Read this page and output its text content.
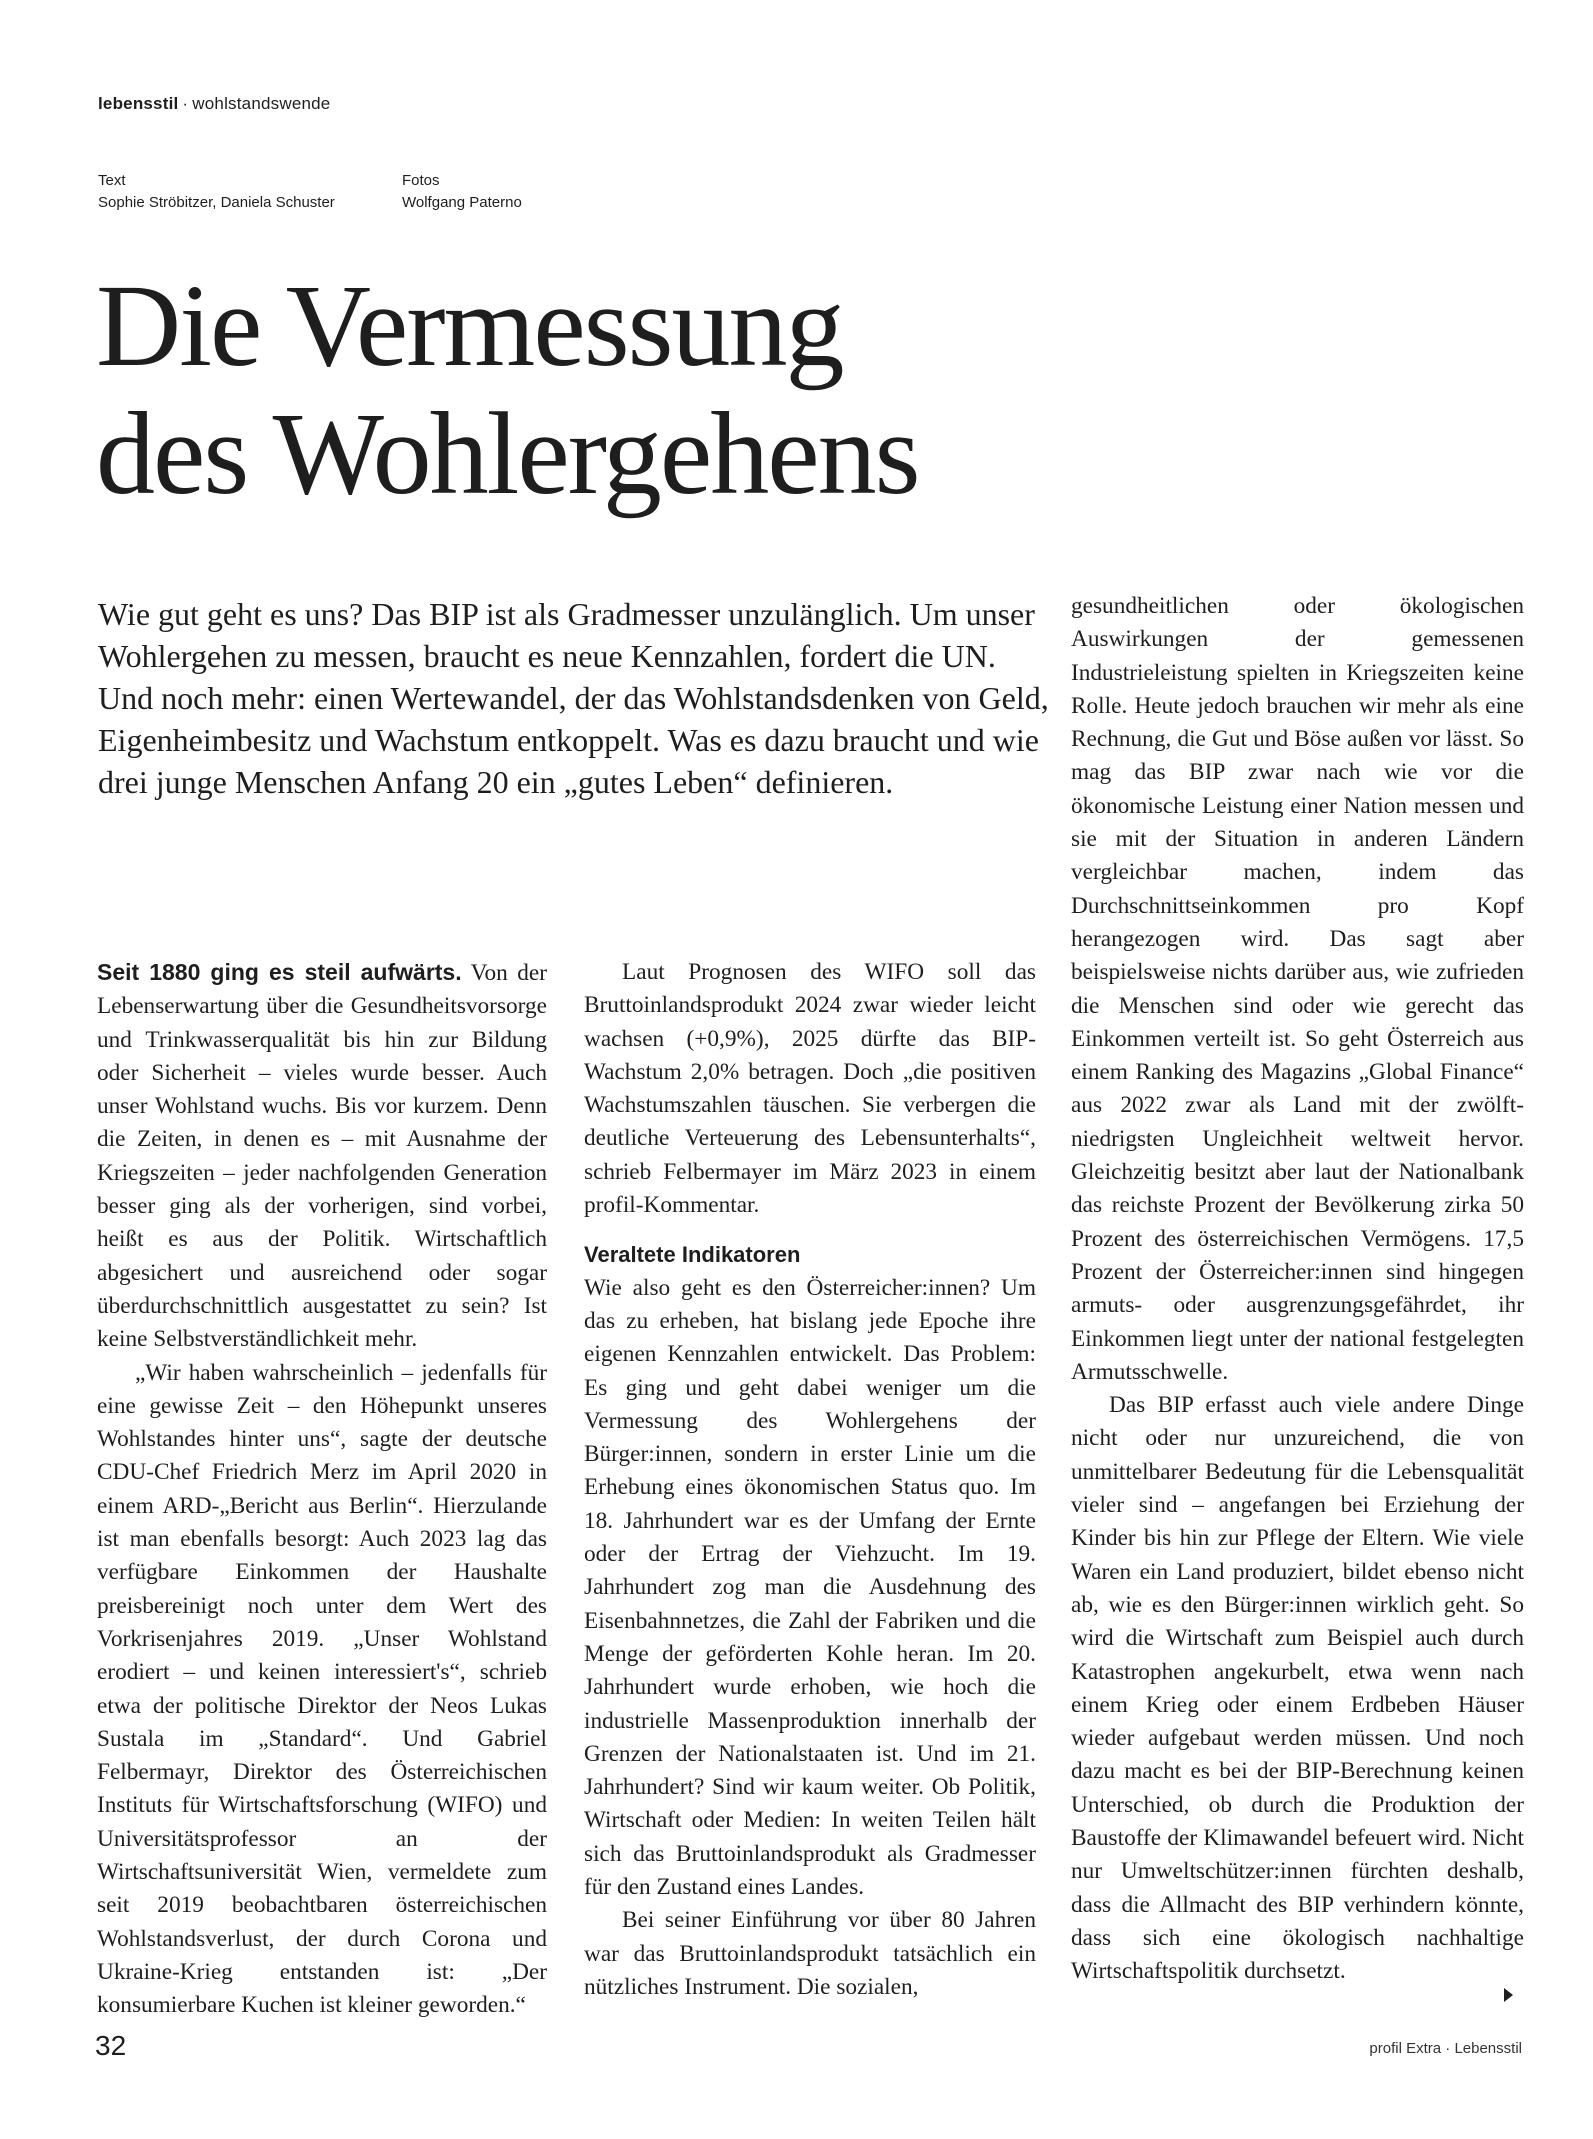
lebensstil · wohlstandswende
Text
Sophie Ströbitzer, Daniela Schuster
Fotos
Wolfgang Paterno
Die Vermessung
des Wohlergehens

Wie gut geht es uns? Das BIP ist als Gradmesser unzulänglich. Um unser Wohlergehen zu messen, braucht es neue Kennzahlen, fordert die UN. Und noch mehr: einen Wertewandel, der das Wohlstandsdenken von Geld, Eigenheimbesitz und Wachstum entkoppelt. Was es dazu braucht und wie drei junge Menschen Anfang 20 ein „gutes Leben“ definieren.

Seit 1880 ging es steil aufwärts. Von der Lebenserwartung über die Gesundheitsvorsorge und Trinkwasserqualität bis hin zur Bildung oder Sicherheit – vieles wurde besser. Auch unser Wohlstand wuchs. Bis vor kurzem. Denn die Zeiten, in denen es – mit Ausnahme der Kriegszeiten – jeder nachfolgenden Generation besser ging als der vorherigen, sind vorbei, heißt es aus der Politik. Wirtschaftlich abgesichert und ausreichend oder sogar überdurchschnittlich ausgestattet zu sein? Ist keine Selbstverständlichkeit mehr.

„Wir haben wahrscheinlich – jedenfalls für eine gewisse Zeit – den Höhepunkt unseres Wohlstandes hinter uns“, sagte der deutsche CDU-Chef Friedrich Merz im April 2020 in einem ARD-„Bericht aus Berlin“. Hierzulande ist man ebenfalls besorgt: Auch 2023 lag das verfügbare Einkommen der Haushalte preisbereinigt noch unter dem Wert des Vorkrisenjahres 2019. „Unser Wohlstand erodiert – und keinen interessiert's“, schrieb etwa der politische Direktor der Neos Lukas Sustala im „Standard“. Und Gabriel Felbermayr, Direktor des Österreichischen Instituts für Wirtschaftsforschung (WIFO) und Universitätsprofessor an der Wirtschaftsuniversität Wien, vermeldete zum seit 2019 beobachtbaren österreichischen Wohlstandsverlust, der durch Corona und Ukraine-Krieg entstanden ist: „Der konsumierbare Kuchen ist kleiner geworden.“

Laut Prognosen des WIFO soll das Bruttoinlandsprodukt 2024 zwar wieder leicht wachsen (+0,9%), 2025 dürfte das BIP-Wachstum 2,0% betragen. Doch „die positiven Wachstumszahlen täuschen. Sie verbergen die deutliche Verteuerung des Lebensunterhalts“, schrieb Felbermayer im März 2023 in einem profil-Kommentar.

Veraltete Indikatoren

Wie also geht es den Österreicher:innen? Um das zu erheben, hat bislang jede Epoche ihre eigenen Kennzahlen entwickelt. Das Problem: Es ging und geht dabei weniger um die Vermessung des Wohlergehens der Bürger:innen, sondern in erster Linie um die Erhebung eines ökonomischen Status quo. Im 18. Jahrhundert war es der Umfang der Ernte oder der Ertrag der Viehzucht. Im 19. Jahrhundert zog man die Ausdehnung des Eisenbahnnetzes, die Zahl der Fabriken und die Menge der geförderten Kohle heran. Im 20. Jahrhundert wurde erhoben, wie hoch die industrielle Massenproduktion innerhalb der Grenzen der Nationalstaaten ist. Und im 21. Jahrhundert? Sind wir kaum weiter. Ob Politik, Wirtschaft oder Medien: In weiten Teilen hält sich das Bruttoinlandsprodukt als Gradmesser für den Zustand eines Landes.

Bei seiner Einführung vor über 80 Jahren war das Bruttoinlandsprodukt tatsächlich ein nützliches Instrument. Die sozialen,

gesundheitlichen oder ökologischen Auswirkungen der gemessenen Industrieleistung spielten in Kriegszeiten keine Rolle. Heute jedoch brauchen wir mehr als eine Rechnung, die Gut und Böse außen vor lässt. So mag das BIP zwar nach wie vor die ökonomische Leistung einer Nation messen und sie mit der Situation in anderen Ländern vergleichbar machen, indem das Durchschnittseinkommen pro Kopf herangezogen wird. Das sagt aber beispielsweise nichts darüber aus, wie zufrieden die Menschen sind oder wie gerecht das Einkommen verteilt ist. So geht Österreich aus einem Ranking des Magazins „Global Finance“ aus 2022 zwar als Land mit der zwölft-niedrigsten Ungleichheit weltweit hervor. Gleichzeitig besitzt aber laut der Nationalbank das reichste Prozent der Bevölkerung zirka 50 Prozent des österreichischen Vermögens. 17,5 Prozent der Österreicher:innen sind hingegen armuts- oder ausgrenzungsgefährdet, ihr Einkommen liegt unter der national festgelegten Armutsschwelle.

Das BIP erfasst auch viele andere Dinge nicht oder nur unzureichend, die von unmittelbarer Bedeutung für die Lebensqualität vieler sind – angefangen bei Erziehung der Kinder bis hin zur Pflege der Eltern. Wie viele Waren ein Land produziert, bildet ebenso nicht ab, wie es den Bürger:innen wirklich geht. So wird die Wirtschaft zum Beispiel auch durch Katastrophen angekurbelt, etwa wenn nach einem Krieg oder einem Erdbeben Häuser wieder aufgebaut werden müssen. Und noch dazu macht es bei der BIP-Berechnung keinen Unterschied, ob durch die Produktion der Baustoffe der Klimawandel befeuert wird. Nicht nur Umweltschützer:innen fürchten deshalb, dass die Allmacht des BIP verhindern könnte, dass sich eine ökologisch nachhaltige Wirtschaftspolitik durchsetzt.

32	profil Extra · Lebensstil
